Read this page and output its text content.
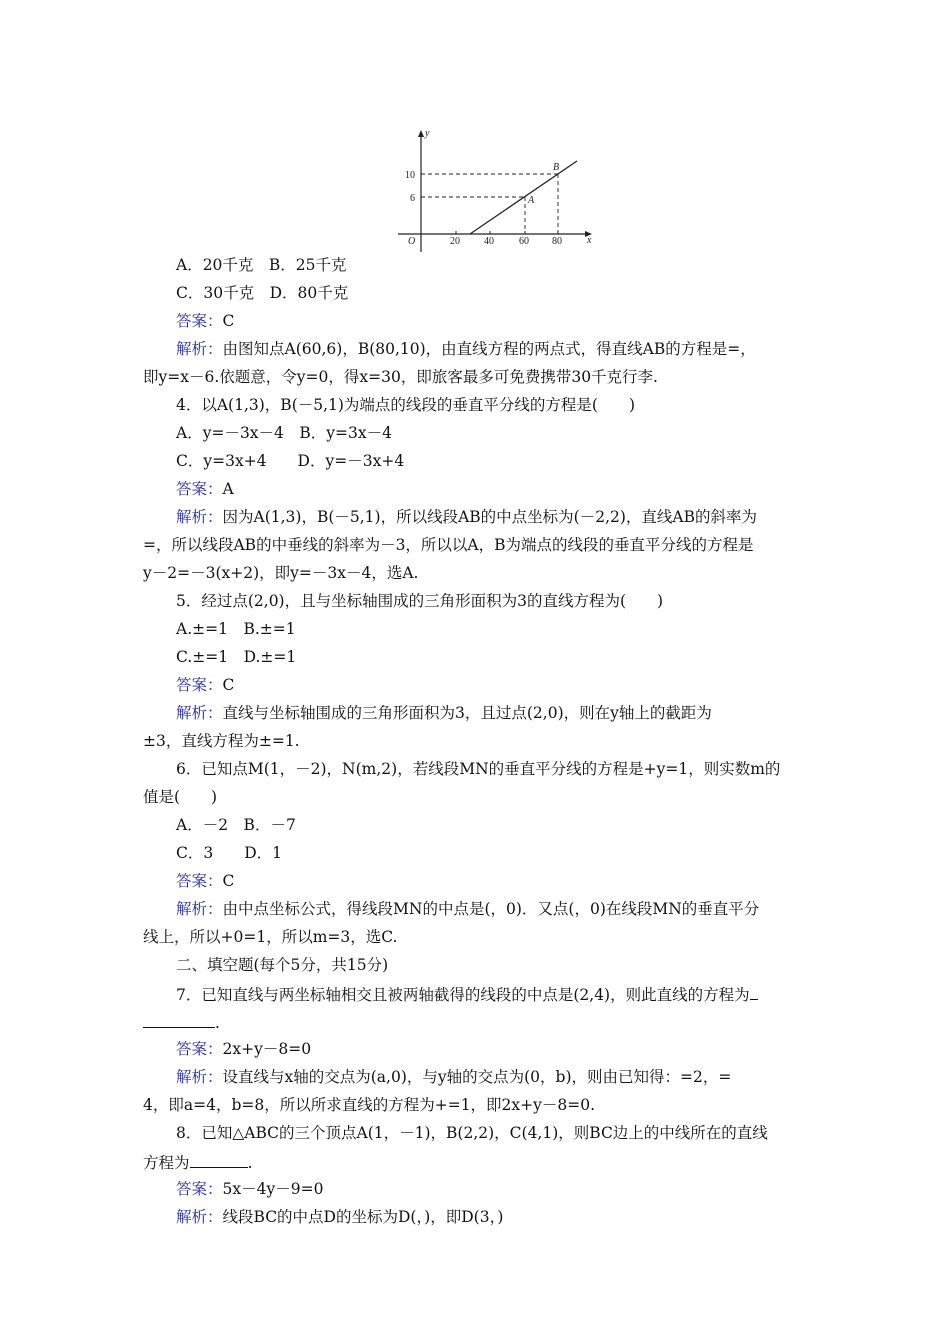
y
x
O	20 40	60 80
10
6	A
B
A．20千克　B．25千克
C．30千克　D．80千克
答案：C
解析：由图知点A(60,6)，B(80,10)，由直线方程的两点式，得直线AB的方程是=，
即y=x－6.依题意，令y=0，得x=30，即旅客最多可免费携带30千克行李.
4．以A(1,3)，B(－5,1)为端点的线段的垂直平分线的方程是(　　)
A．y=－3x－4　B．y=3x－4
C．y=3x+4　　D．y=－3x+4
答案：A
解析：因为A(1,3)，B(－5,1)，所以线段AB的中点坐标为(－2,2)，直线AB的斜率为
=，所以线段AB的中垂线的斜率为－3，所以以A，B为端点的线段的垂直平分线的方程是
y－2=－3(x+2)，即y=－3x－4，选A.
5．经过点(2,0)，且与坐标轴围成的三角形面积为3的直线方程为(　　)
A.±=1　B.±=1
C.±=1　D.±=1
答案：C
解析：直线与坐标轴围成的三角形面积为3，且过点(2,0)，则在y轴上的截距为
±3，直线方程为±=1.
6．已知点M(1，－2)，N(m,2)，若线段MN的垂直平分线的方程是+y=1，则实数m的
值是(　　)
A．－2　B．－7
C．3　　D．1
答案：C
解析：由中点坐标公式，得线段MN的中点是(，0)．又点(，0)在线段MN的垂直平分
线上，所以+0=1，所以m=3，选C.
二、填空题(每个5分，共15分)
7．已知直线与两坐标轴相交且被两轴截得的线段的中点是(2,4)，则此直线的方程为
.
答案：2x+y－8=0
解析：设直线与x轴的交点为(a,0)，与y轴的交点为(0，b)，则由已知得：=2，=
4，即a=4，b=8，所以所求直线的方程为+=1，即2x+y－8=0.
8．已知△ABC的三个顶点A(1，－1)，B(2,2)，C(4,1)，则BC边上的中线所在的直线
方程为	.
答案：5x－4y－9=0
解析：线段BC的中点D的坐标为D(，)，即D(3，)
